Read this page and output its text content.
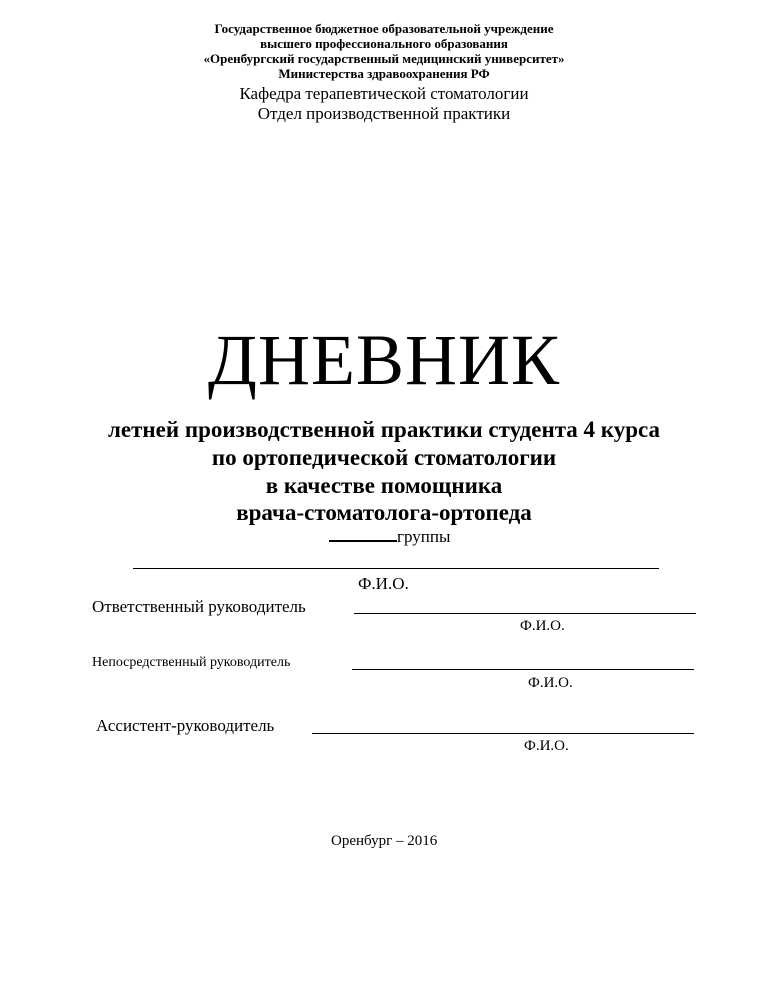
Государственное бюджетное образовательной учреждение
высшего профессионального образования
«Оренбургский государственный медицинский университет»
Министерства здравоохранения РФ
Кафедра терапевтической стоматологии
Отдел производственной практики
ДНЕВНИК
летней производственной практики студента 4 курса
по ортопедической стоматологии
в качестве помощника
врача-стоматолога-ортопеда
группы
Ф.И.О.
Ответственный руководитель
Ф.И.О.
Непосредственный руководитель
Ф.И.О.
Ассистент-руководитель
Ф.И.О.
Оренбург – 2016
